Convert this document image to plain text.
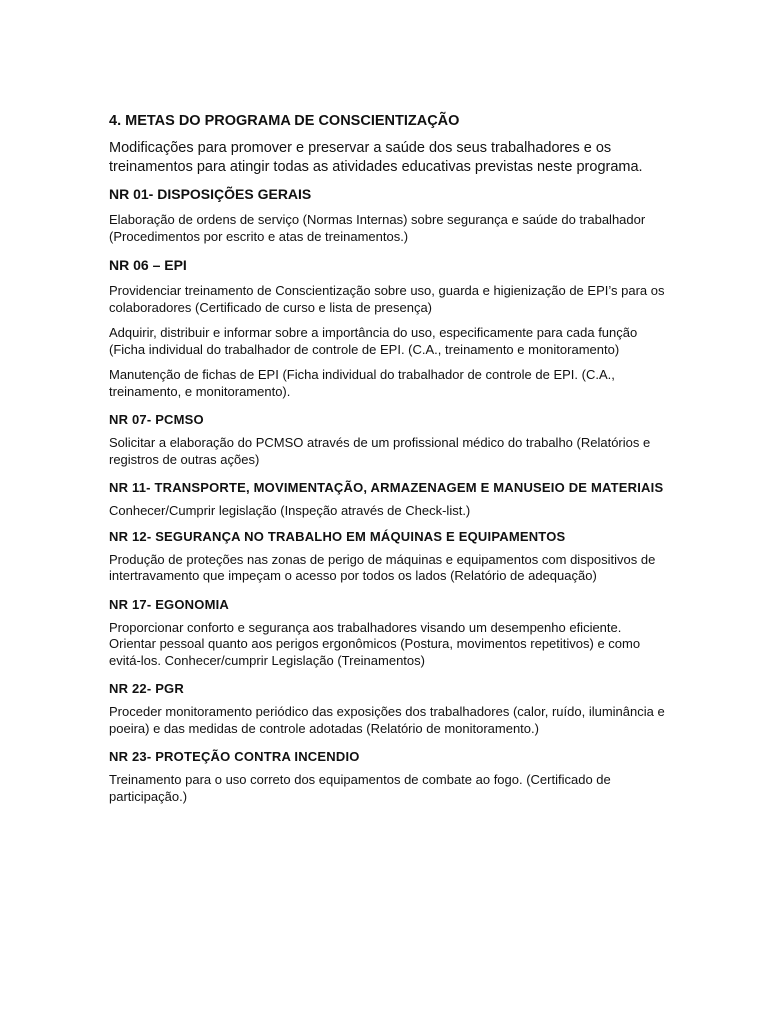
4. METAS DO PROGRAMA DE CONSCIENTIZAÇÃO

Modificações para promover e preservar a saúde dos seus trabalhadores e os treinamentos para atingir todas as atividades educativas previstas neste programa.

NR 01- DISPOSIÇÕES GERAIS

Elaboração de ordens de serviço (Normas Internas) sobre segurança e saúde do trabalhador (Procedimentos por escrito e atas de treinamentos.)

NR 06 – EPI

Providenciar treinamento de Conscientização sobre uso, guarda e higienização de EPI’s para os colaboradores (Certificado de curso e lista de presença)

Adquirir, distribuir e informar sobre a importância do uso, especificamente para cada função (Ficha individual do trabalhador de controle de EPI. (C.A., treinamento e monitoramento)

Manutenção de fichas de EPI (Ficha individual do trabalhador de controle de EPI. (C.A., treinamento, e monitoramento).

NR 07- PCMSO

Solicitar a elaboração do PCMSO através de um profissional médico do trabalho (Relatórios e registros de outras ações)

NR 11- TRANSPORTE, MOVIMENTAÇÃO, ARMAZENAGEM E MANUSEIO DE MATERIAIS

Conhecer/Cumprir legislação (Inspeção através de Check-list.)

NR 12- SEGURANÇA NO TRABALHO EM MÁQUINAS E EQUIPAMENTOS

Produção de proteções nas zonas de perigo de máquinas e equipamentos com dispositivos de intertravamento que impeçam o acesso por todos os lados (Relatório de adequação)

NR 17- EGONOMIA

Proporcionar conforto e segurança aos trabalhadores visando um desempenho eficiente. Orientar pessoal quanto aos perigos ergonômicos (Postura, movimentos repetitivos) e como evitá-los. Conhecer/cumprir Legislação (Treinamentos)

NR 22- PGR

Proceder monitoramento periódico das exposições dos trabalhadores (calor, ruído, iluminância e poeira) e das medidas de controle adotadas (Relatório de monitoramento.)

NR 23- PROTEÇÃO CONTRA INCENDIO

Treinamento para o uso correto dos equipamentos de combate ao fogo. (Certificado de participação.)
